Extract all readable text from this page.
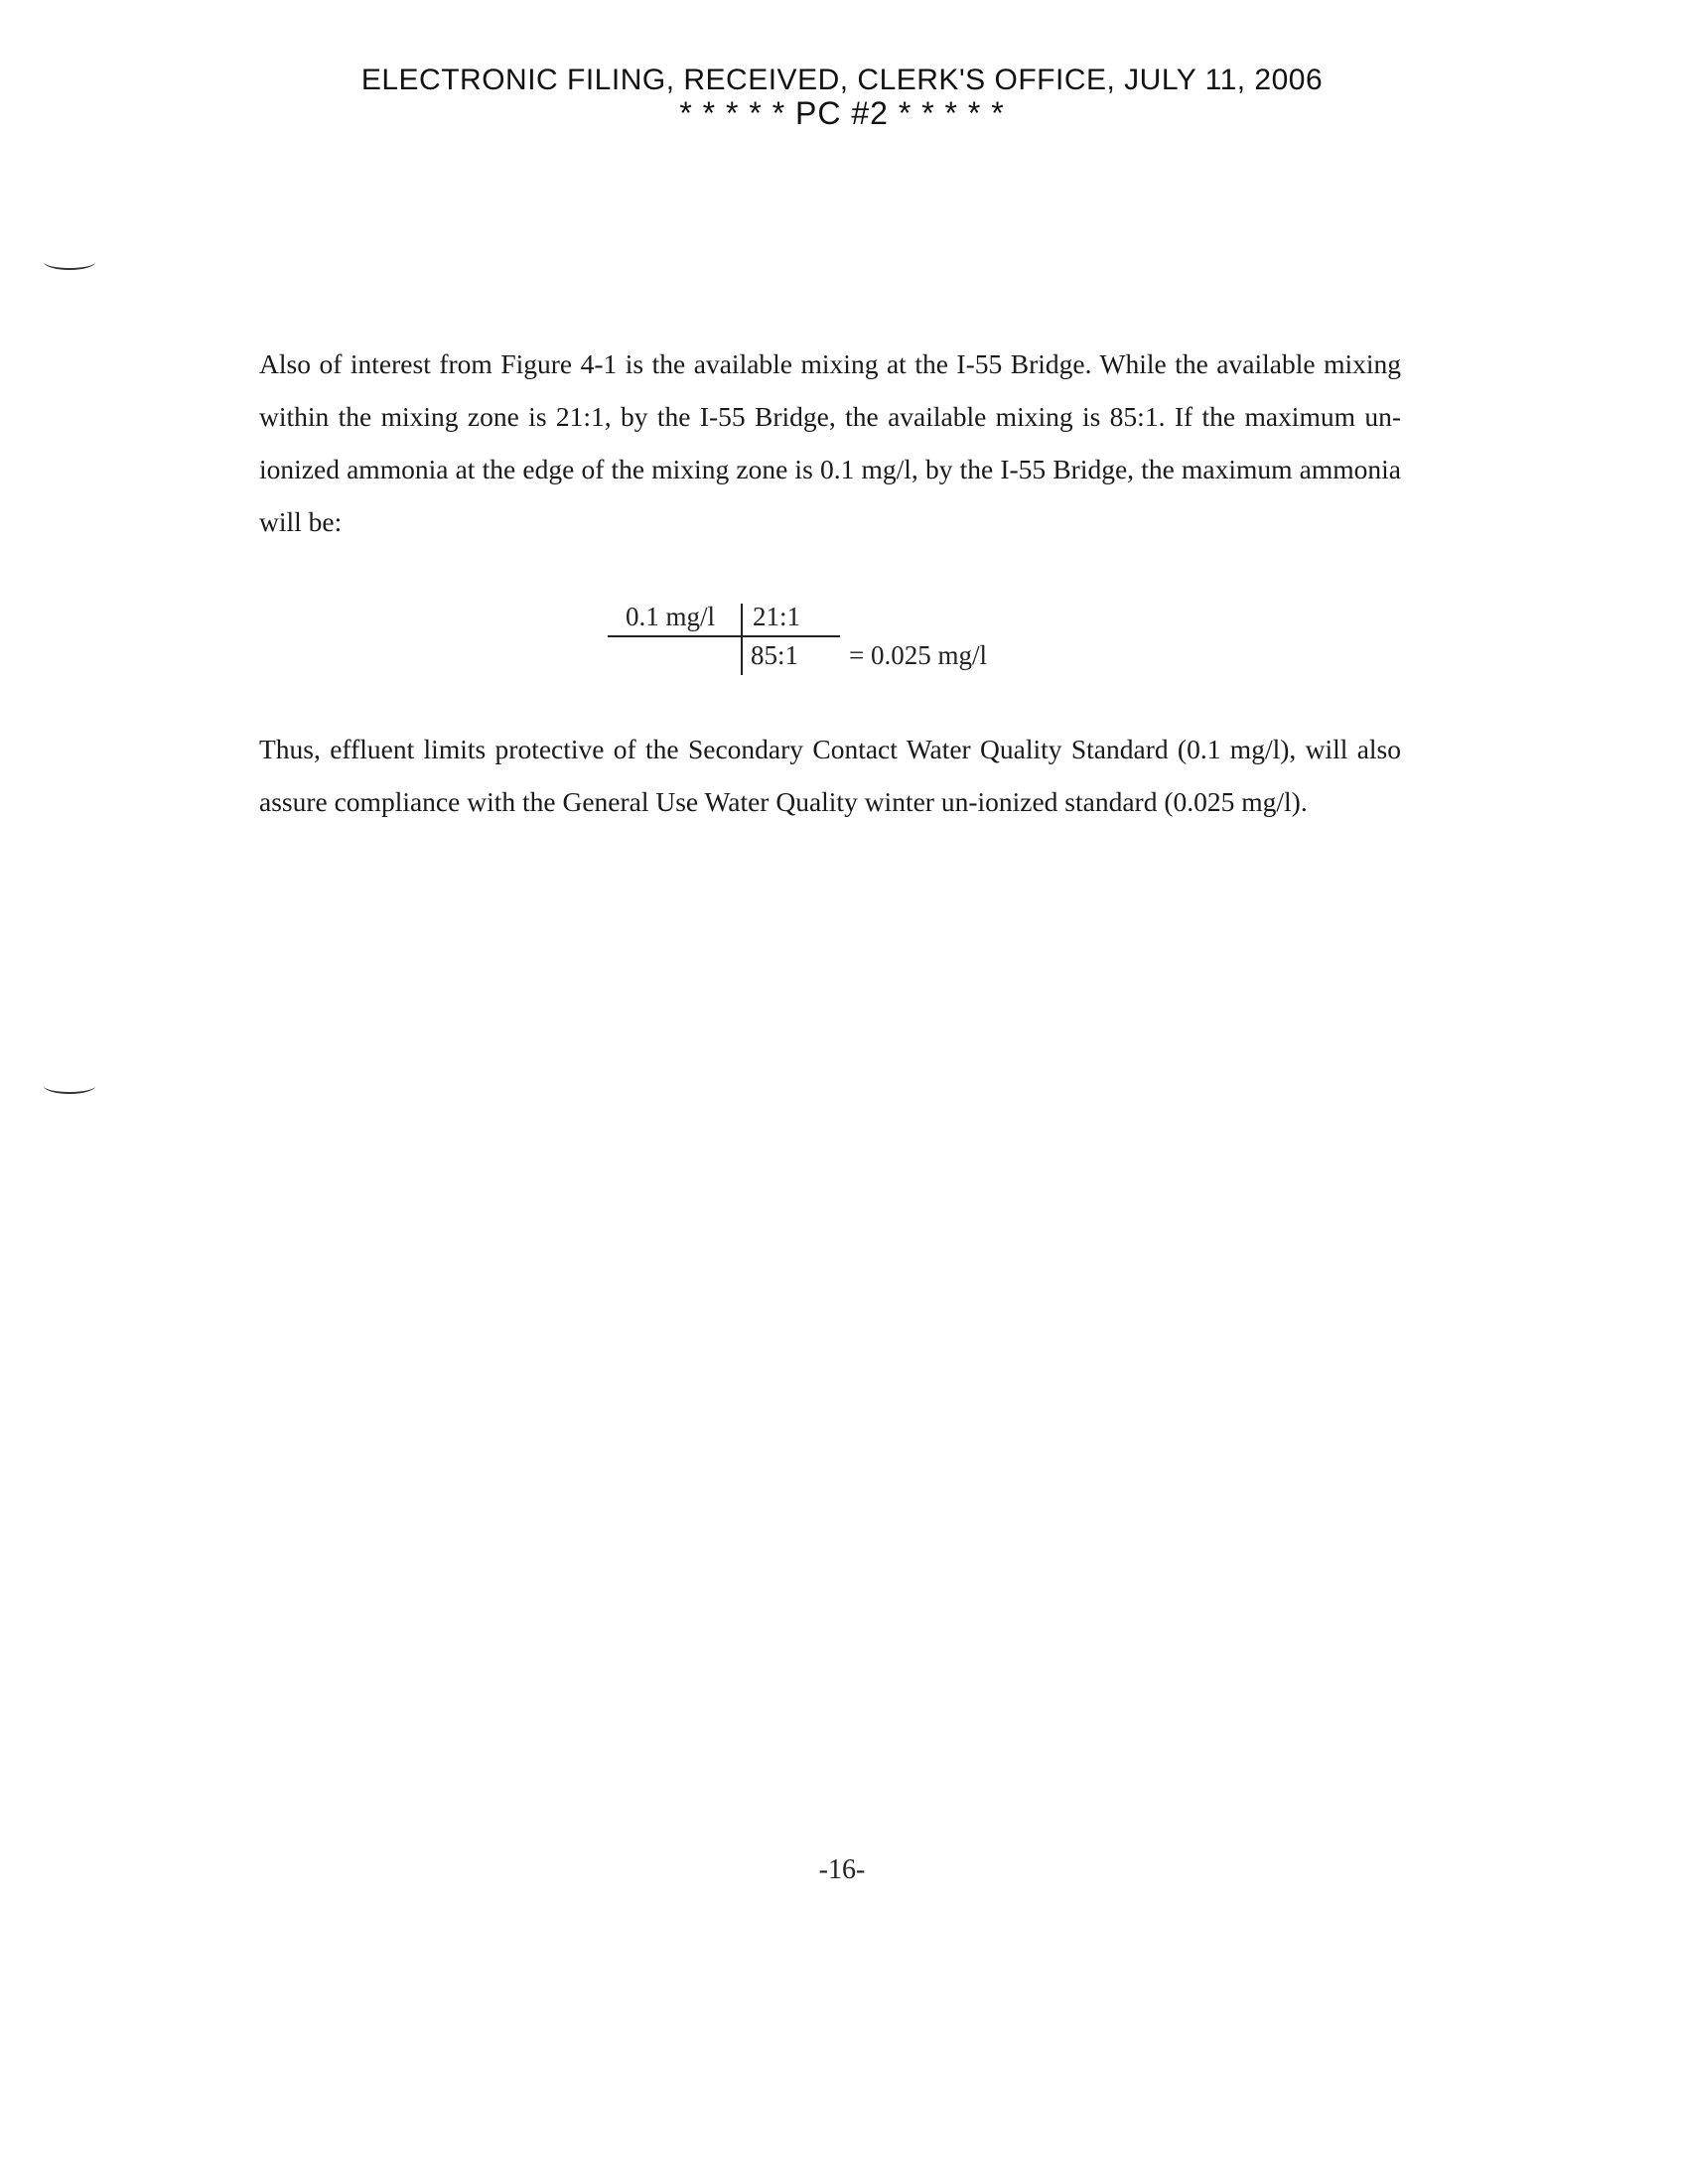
ELECTRONIC FILING, RECEIVED, CLERK'S OFFICE, JULY 11, 2006
* * * * * PC #2 * * * * *

Also of interest from Figure 4-1 is the available mixing at the I-55 Bridge. While the available mixing within the mixing zone is 21:1, by the I-55 Bridge, the available mixing is 85:1. If the maximum un-ionized ammonia at the edge of the mixing zone is 0.1 mg/l, by the I-55 Bridge, the maximum ammonia will be:

0.1 mg/l 21:1
85:1 = 0.025 mg/l

Thus, effluent limits protective of the Secondary Contact Water Quality Standard (0.1 mg/l), will also assure compliance with the General Use Water Quality winter un-ionized standard (0.025 mg/l).

-16-
